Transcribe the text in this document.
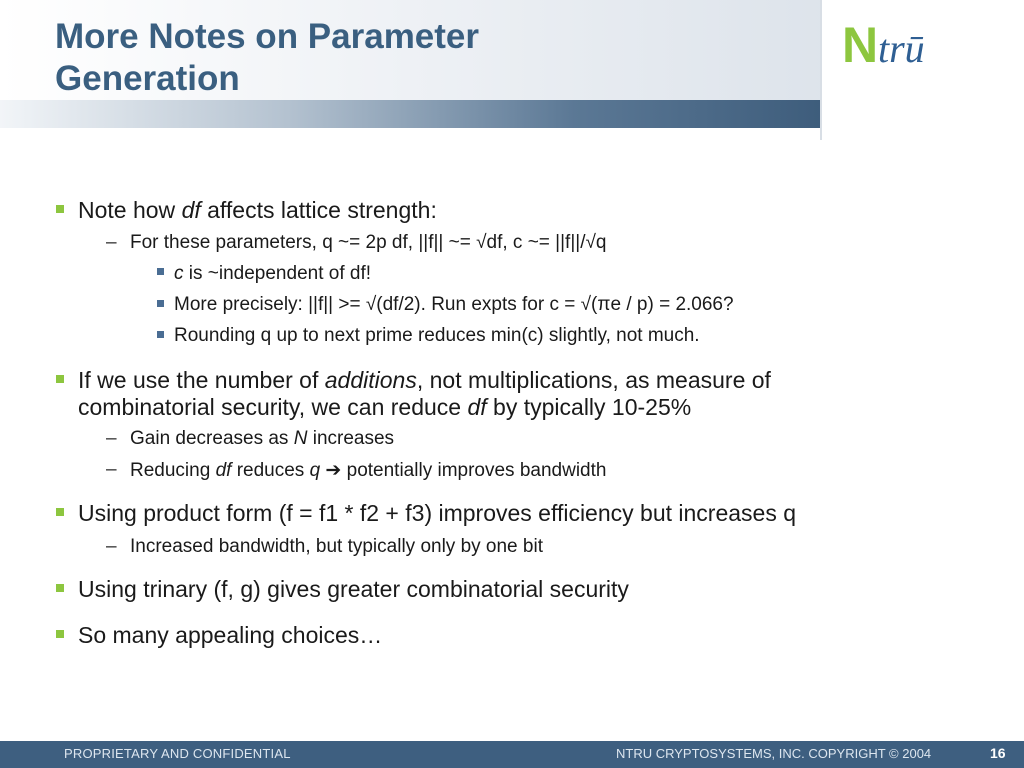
More Notes on Parameter
Generation
N trū
Note how df affects lattice strength:
– For these parameters, q ~= 2p df, ||f|| ~= √df, c ~= ||f||/√q
c is ~independent of df!
More precisely: ||f|| >= √(df/2). Run expts for c = √(πe / p) = 2.066?
Rounding q up to next prime reduces min(c) slightly, not much.
If we use the number of additions, not multiplications, as measure of
combinatorial security, we can reduce df by typically 10-25%
– Gain decreases as N increases
– Reducing df reduces q ➔ potentially improves bandwidth
Using product form (f = f1 * f2 + f3) improves efficiency but increases q
– Increased bandwidth, but typically only by one bit
Using trinary (f, g) gives greater combinatorial security
So many appealing choices…
PROPRIETARY AND CONFIDENTIAL	NTRU CRYPTOSYSTEMS, INC. COPYRIGHT © 2004	16
